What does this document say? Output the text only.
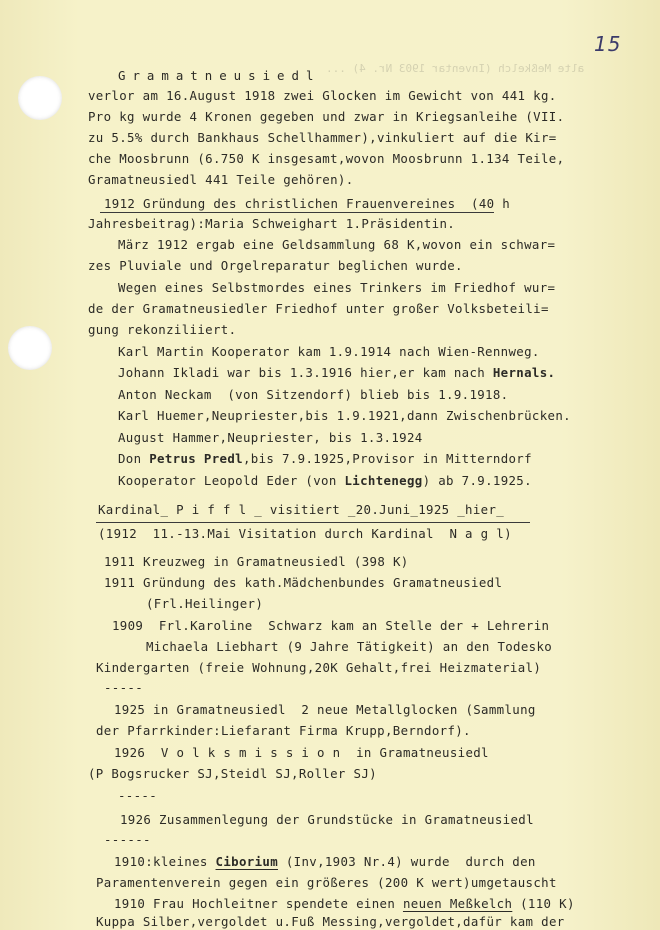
15
alte Meßkelch (Inventar 1903 Nr. 4) ...
Gramatneusiedl
verlor am 16.August 1918 zwei Glocken im Gewicht von 441 kg.
Pro kg wurde 4 Kronen gegeben und zwar in Kriegsanleihe (VII.
zu 5.5% durch Bankhaus Schellhammer),vinkuliert auf die Kir=
che Moosbrunn (6.750 K insgesamt,wovon Moosbrunn 1.134 Teile,
Gramatneusiedl 441 Teile gehören).
1912 Gründung des christlichen Frauenvereines  (40 h
Jahresbeitrag):Maria Schweighart 1.Präsidentin.
März 1912 ergab eine Geldsammlung 68 K,wovon ein schwar=
zes Pluviale und Orgelreparatur beglichen wurde.
Wegen eines Selbstmordes eines Trinkers im Friedhof wur=
de der Gramatneusiedler Friedhof unter großer Volksbeteili=
gung rekonziliiert.
Karl Martin Kooperator kam 1.9.1914 nach Wien-Rennweg.
Johann Ikladi war bis 1.3.1916 hier,er kam nach Hernals.
Anton Neckam  (von Sitzendorf) blieb bis 1.9.1918.
Karl Huemer,Neupriester,bis 1.9.1921,dann Zwischenbrücken.
August Hammer,Neupriester, bis 1.3.1924
Don Petrus Predl,bis 7.9.1925,Provisor in Mitterndorf
Kooperator Leopold Eder (von Lichtenegg) ab 7.9.1925.
Kardinal_ P i f f l _ visitiert _20.Juni_1925 _hier_
(1912  11.-13.Mai Visitation durch Kardinal  N a g l)
1911 Kreuzweg in Gramatneusiedl (398 K)
1911 Gründung des kath.Mädchenbundes Gramatneusiedl
(Frl.Heilinger)
1909  Frl.Karoline  Schwarz kam an Stelle der + Lehrerin
Michaela Liebhart (9 Jahre Tätigkeit) an den Todesko
Kindergarten (freie Wohnung,20K Gehalt,frei Heizmaterial)
-----
1925 in Gramatneusiedl  2 neue Metallglocken (Sammlung
der Pfarrkinder:Liefarant Firma Krupp,Berndorf).
1926  V o l k s m i s s i o n  in Gramatneusiedl
(P Bogsrucker SJ,Steidl SJ,Roller SJ)
-----
1926 Zusammenlegung der Grundstücke in Gramatneusiedl
------
1910:kleines Ciborium (Inv,1903 Nr.4) wurde  durch den
Paramentenverein gegen ein größeres (200 K wert)umgetauscht
1910 Frau Hochleitner spendete einen neuen Meßkelch (110 K)
Kuppa Silber,vergoldet u.Fuß Messing,vergoldet,dafür kam der
